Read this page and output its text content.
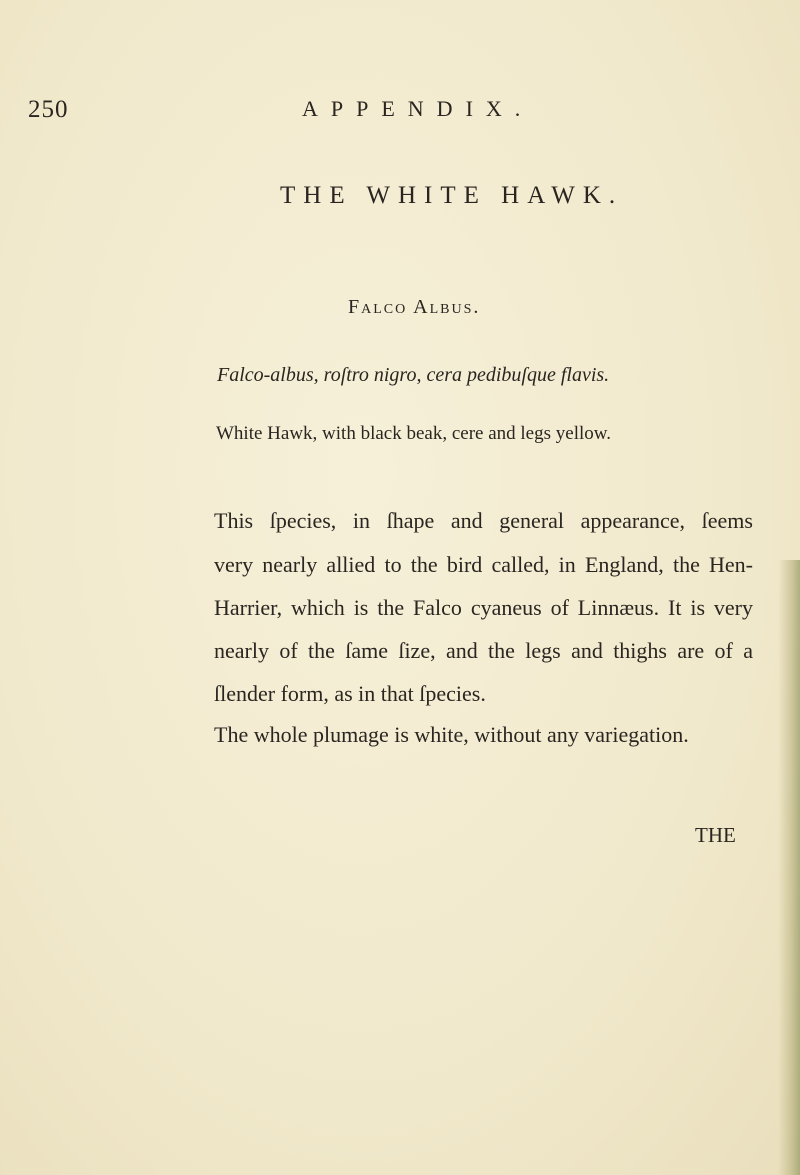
250	APPENDIX.
THE WHITE HAWK.
Falco Albus.
Falco-albus, roſtro nigro, cera pedibuſque flavis.
White Hawk, with black beak, cere and legs yellow.
This ſpecies, in ſhape and general appearance, ſeems
very nearly allied to the bird called, in England, the Hen-
Harrier, which is the Falco cyaneus of Linnæus. It is very
nearly of the ſame ſize, and the legs and thighs are of a
ſlender form, as in that ſpecies.
The whole plumage is white, without any variegation.
THE
